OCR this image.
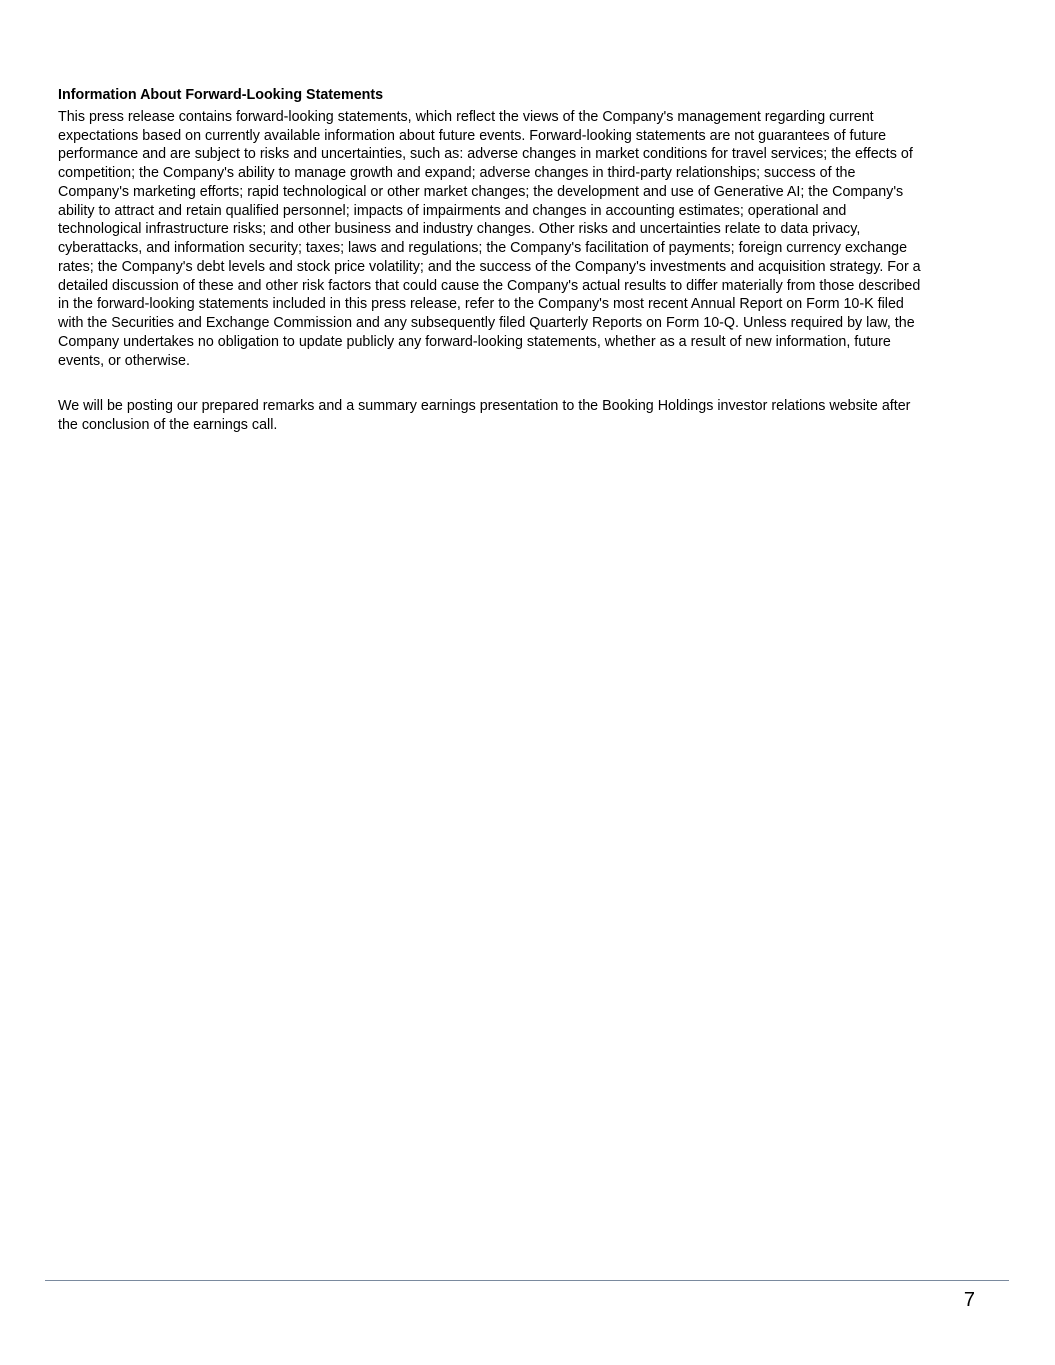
Information About Forward-Looking Statements

This press release contains forward-looking statements, which reflect the views of the Company's management regarding current
expectations based on currently available information about future events. Forward-looking statements are not guarantees of future
performance and are subject to risks and uncertainties, such as: adverse changes in market conditions for travel services; the effects of
competition; the Company's ability to manage growth and expand; adverse changes in third-party relationships; success of the
Company's marketing efforts; rapid technological or other market changes; the development and use of Generative AI; the Company's
ability to attract and retain qualified personnel; impacts of impairments and changes in accounting estimates; operational and
technological infrastructure risks; and other business and industry changes. Other risks and uncertainties relate to data privacy,
cyberattacks, and information security; taxes; laws and regulations; the Company's facilitation of payments; foreign currency exchange
rates; the Company's debt levels and stock price volatility; and the success of the Company's investments and acquisition strategy. For a
detailed discussion of these and other risk factors that could cause the Company's actual results to differ materially from those described
in the forward-looking statements included in this press release, refer to the Company's most recent Annual Report on Form 10-K filed
with the Securities and Exchange Commission and any subsequently filed Quarterly Reports on Form 10-Q. Unless required by law, the
Company undertakes no obligation to update publicly any forward-looking statements, whether as a result of new information, future
events, or otherwise.

We will be posting our prepared remarks and a summary earnings presentation to the Booking Holdings investor relations website after
the conclusion of the earnings call.

7
